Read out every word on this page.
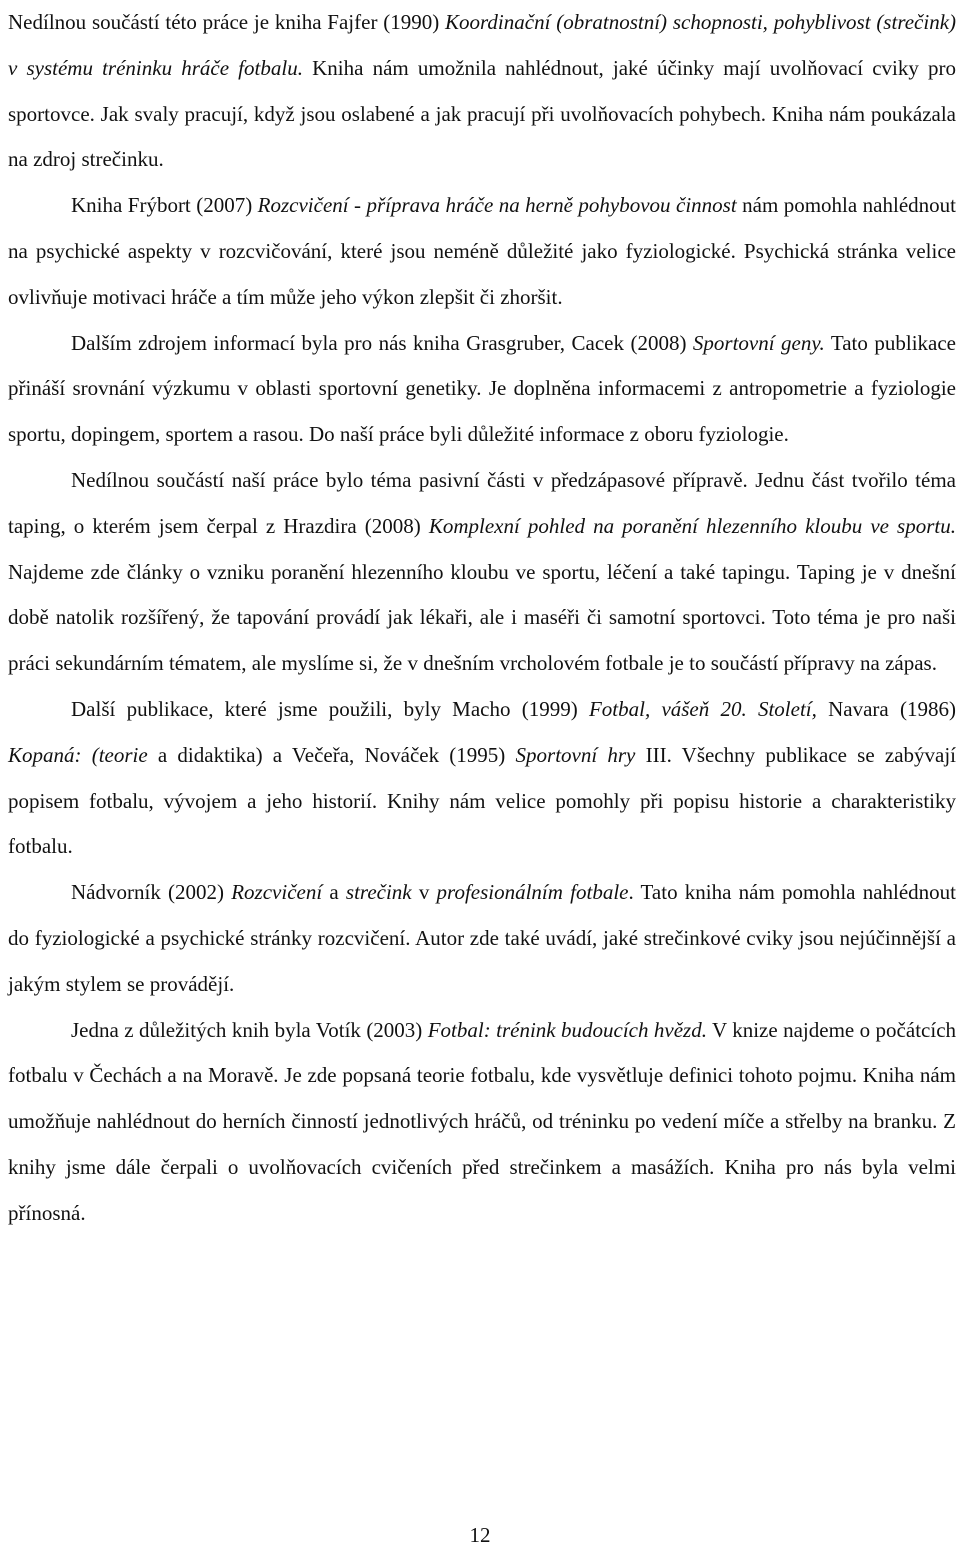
Nedílnou součástí této práce je kniha Fajfer (1990) Koordinační (obratnostní) schopnosti, pohyblivost (strečink) v systému tréninku hráče fotbalu. Kniha nám umožnila nahlédnout, jaké účinky mají uvolňovací cviky pro sportovce. Jak svaly pracují, když jsou oslabené a jak pracují při uvolňovacích pohybech. Kniha nám poukázala na zdroj strečinku.

Kniha Frýbort (2007) Rozcvičení - příprava hráče na herně pohybovou činnost nám pomohla nahlédnout na psychické aspekty v rozcvičování, které jsou neméně důležité jako fyziologické. Psychická stránka velice ovlivňuje motivaci hráče a tím může jeho výkon zlepšit či zhoršit.

Dalším zdrojem informací byla pro nás kniha Grasgruber, Cacek (2008) Sportovní geny. Tato publikace přináší srovnání výzkumu v oblasti sportovní genetiky. Je doplněna informacemi z antropometrie a fyziologie sportu, dopingem, sportem a rasou. Do naší práce byli důležité informace z oboru fyziologie.

Nedílnou součástí naší práce bylo téma pasivní části v předzápasové přípravě. Jednu část tvořilo téma taping, o kterém jsem čerpal z Hrazdira (2008) Komplexní pohled na poranění hlezenního kloubu ve sportu. Najdeme zde články o vzniku poranění hlezenního kloubu ve sportu, léčení a také tapingu. Taping je v dnešní době natolik rozšířený, že tapování provádí jak lékaři, ale i maséři či samotní sportovci. Toto téma je pro naši práci sekundárním tématem, ale myslíme si, že v dnešním vrcholovém fotbale je to součástí přípravy na zápas.

Další publikace, které jsme použili, byly Macho (1999) Fotbal, vášeň 20. Století, Navara (1986) Kopaná: (teorie a didaktika) a Večeřa, Nováček (1995) Sportovní hry III. Všechny publikace se zabývají popisem fotbalu, vývojem a jeho historií. Knihy nám velice pomohly při popisu historie a charakteristiky fotbalu.

Nádvorník (2002) Rozcvičení a strečink v profesionálním fotbale. Tato kniha nám pomohla nahlédnout do fyziologické a psychické stránky rozcvičení. Autor zde také uvádí, jaké strečinkové cviky jsou nejúčinnější a jakým stylem se provádějí.

Jedna z důležitých knih byla Votík (2003) Fotbal: trénink budoucích hvězd. V knize najdeme o počátcích fotbalu v Čechách a na Moravě. Je zde popsaná teorie fotbalu, kde vysvětluje definici tohoto pojmu. Kniha nám umožňuje nahlédnout do herních činností jednotlivých hráčů, od tréninku po vedení míče a střelby na branku. Z knihy jsme dále čerpali o uvolňovacích cvičeních před strečinkem a masážích. Kniha pro nás byla velmi přínosná.

12
